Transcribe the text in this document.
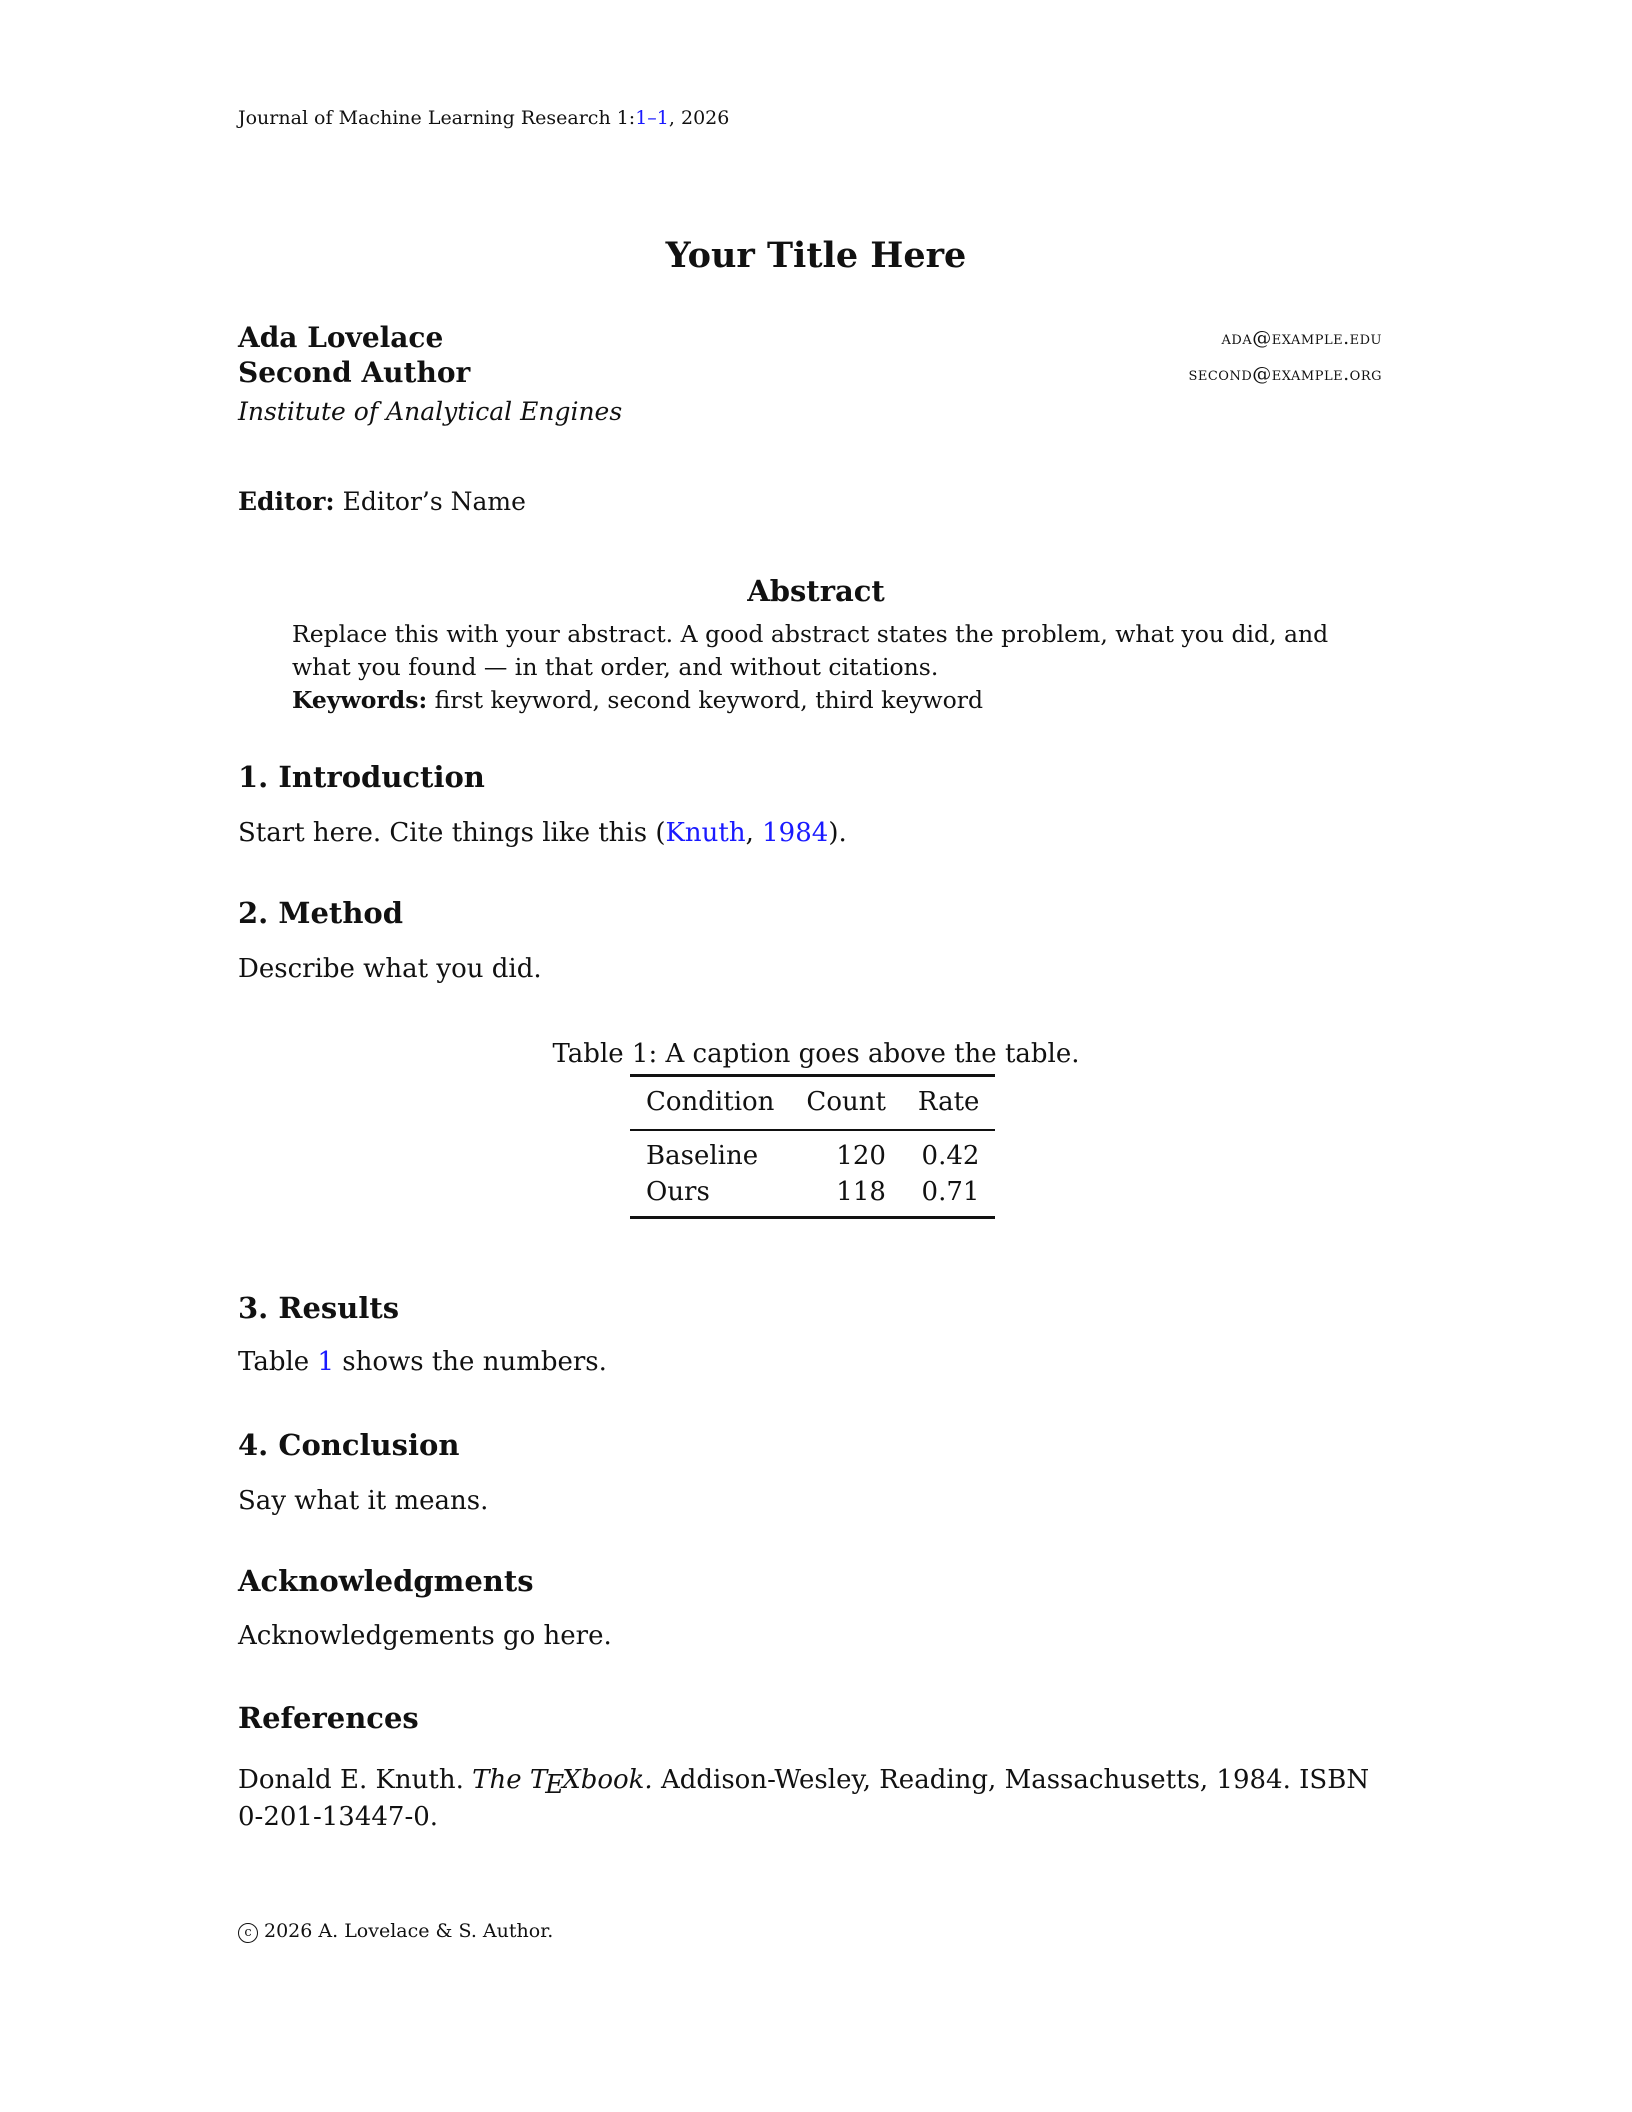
Journal of Machine Learning Research 1:1–1, 2026
Your Title Here
Ada Lovelace	ada@example.edu
Second Author	second@example.org
Institute of Analytical Engines
Editor: Editor’s Name
Abstract
Replace this with your abstract. A good abstract states the problem, what you did, and what you found — in that order, and without citations.
Keywords: first keyword, second keyword, third keyword
1. Introduction
Start here. Cite things like this (Knuth, 1984).
2. Method
Describe what you did.
Table 1: A caption goes above the table.
Condition	Count	Rate
Baseline	120	0.42
Ours	118	0.71
3. Results
Table 1 shows the numbers.
4. Conclusion
Say what it means.
Acknowledgments
Acknowledgements go here.
References
Donald E. Knuth. The TEXbook. Addison-Wesley, Reading, Massachusetts, 1984. ISBN 0-201-13447-0.
c 2026 A. Lovelace & S. Author.
